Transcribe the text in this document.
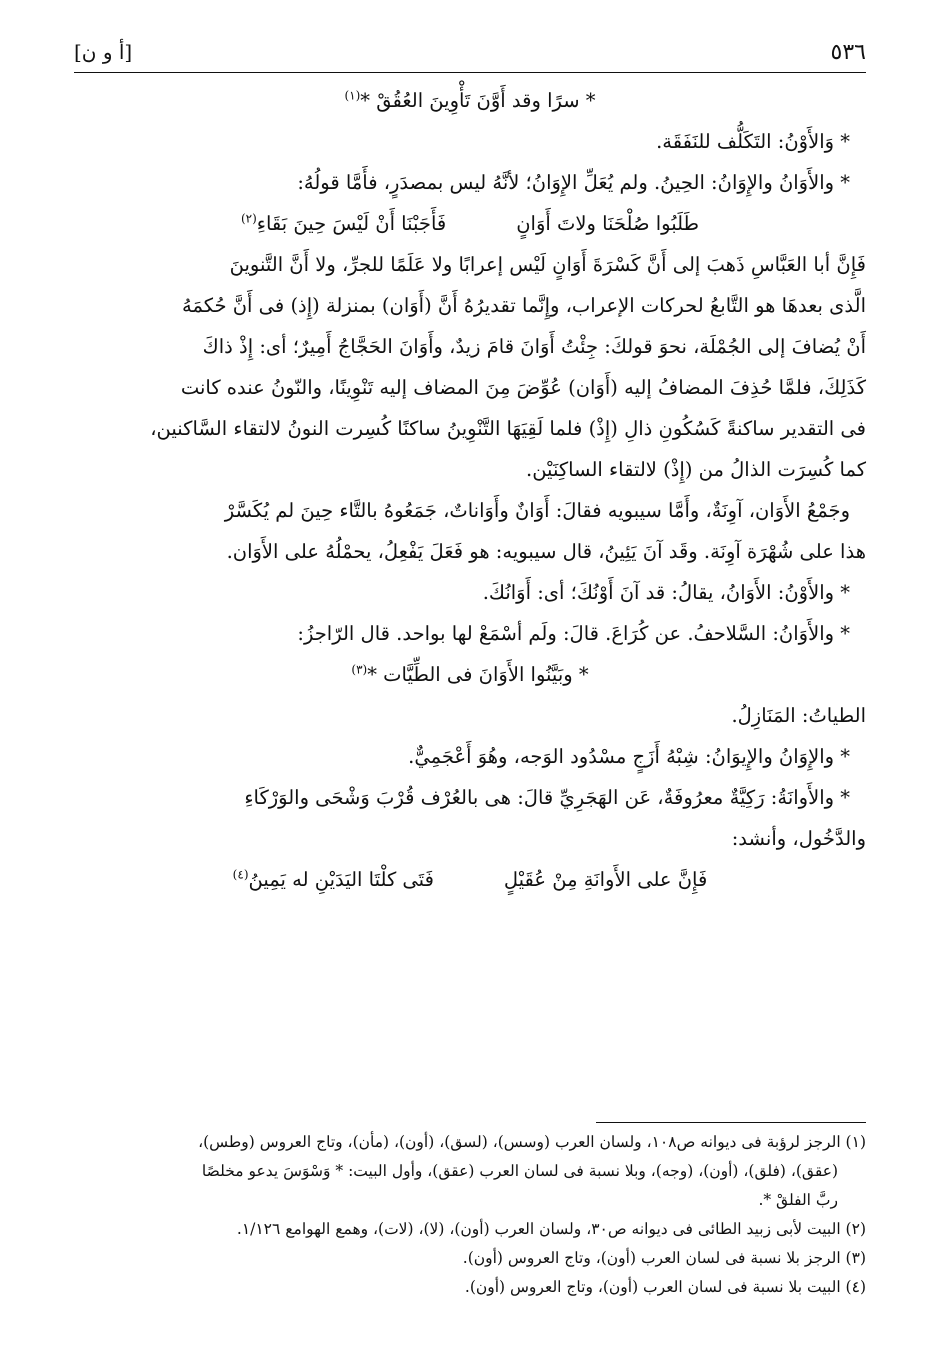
٥٣٦
[أ و ن]

* سرًا وقد أَوَّنَ تَأْوِينَ العُقُقْ *$^{(١)}$

* وَالأَوْنُ: التَكَلُّف للنَفَقَة.

* والأَوَانُ والإِوَانُ: الحِينُ. ولم يُعَلِّ الإِوَانُ؛ لأنَّهُ ليس بمصدَرٍ، فأَمَّا قولُهُ:

طَلَبُوا صُلْحَنَا ولاتَ أَوَانٍ
فَأَجَبْنَا أَنْ لَيْسَ حِينَ بَقَاءِ$^{(٢)}$

فَإِنَّ أبا العَبَّاسِ ذَهبَ إلى أَنَّ كَسْرَةَ أَوَانٍ لَيْس إعرابًا ولا عَلَمًا للجرِّ، ولا أَنَّ التَّنوينَ

الَّذى بعدهَا هو التَّابعُ لحركات الإعراب، وإِنَّما تقديرُهُ أَنَّ (أَوَان) بمنزلة (إِذ) فى أَنَّ حُكمَهُ

أَنْ يُضافَ إلى الجُمْلَة، نحوَ قولكَ: جِئْتُ أَوَانَ قامَ زيدٌ، وأَوَانَ الحَجَّاجُ أَمِيرٌ؛ أى: إِذْ ذاكَ

كَذَلِكَ، فلمَّا حُذِفَ المضافُ إليه (أَوَان) عُوِّضَ مِنَ المضاف إليه تَنْوِينًا، والنّونُ عنده كانت

فى التقدير ساكنةً كَسُكُونِ ذالِ (إِذْ) فلما لَقِيَهَا التَّنْوِينُ ساكنًا كُسِرت النونُ لالتقاء السَّاكنين،

كما كُسِرَت الذالُ من (إِذْ) لالتقاء الساكِنَيْن.

وجَمْعُ الأَوَان، آوِنَةٌ، وأَمَّا سيبويه فقالَ: أَوَانٌ وأَوَاناتٌ، جَمَعُوهُ بالتَّاء حِينَ لم يُكَسَّرْ

هذا على شُهْرَة آوِنَة. وقَد آنَ يَئِينُ، قال سيبويه: هو فَعَلَ يَفْعِلُ، يحمْلُهُ على الأَوَان.

* والأَوْنُ: الأَوَانُ، يقالُ: قد آنَ أَوْنُكَ؛ أى: أَوَانُكَ.

* والأَوَانُ: السَّلاحفُ. عن كُرَاعَ. قالَ: ولَم أسْمَعْ لها بواحد. قال الرّاجزُ:

* وبَيَّنُوا الأَوَانَ فى الطِّيَّات *$^{(٣)}$

الطياتُ: المَنَازِلُ.

* والإِوَانُ والإِيوَانُ: شِبْهُ أَزَجٍ مسْدُود الوَجه، وهُوَ أَعْجَمِيٌّ.

* والأَوانَةُ: رَكِيَّةٌ معرُوفَةٌ، عَن الهَجَرِيِّ قالَ: هى بالعُرْف قُرْبَ وَشْحَى والوَرْكَاءِ

والدَّخُول، وأنشد:

فَإِنَّ على الأَوانَةِ مِنْ عُقَيْلٍ
فَتَى كلْتَا اليَدَيْنِ له يَمِينُ$^{(٤)}$

(١) الرجز لرؤبة فى ديوانه ص١٠٨، ولسان العرب (وسس)، (لسق)، (أون)، (مأن)، وتاج العروس (وطس)،

(عقق)، (فلق)، (أون)، (وجه)، وبلا نسبة فى لسان العرب (عقق)، وأول البيت: * وَسْوَسَ يدعو مخلصًا

ربَّ الفلقْ *.

(٢) البيت لأبى زبيد الطائى فى ديوانه ص٣٠، ولسان العرب (أون)، (لا)، (لات)، وهمع الهوامع ١/١٢٦.

(٣) الرجز بلا نسبة فى لسان العرب (أون)، وتاج العروس (أون).

(٤) البيت بلا نسبة فى لسان العرب (أون)، وتاج العروس (أون).
